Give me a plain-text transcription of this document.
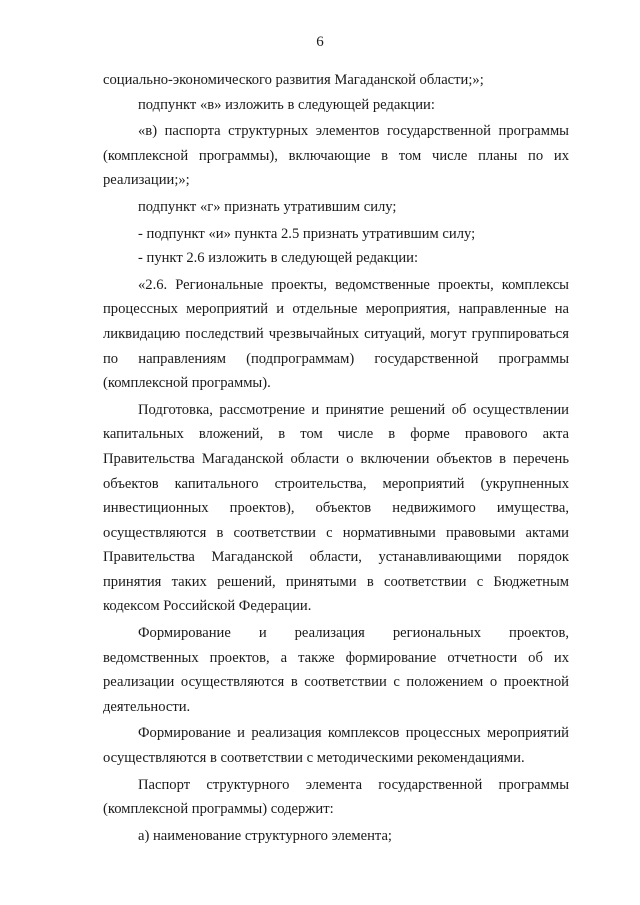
6

социально-экономического развития Магаданской области;»;

подпункт «в» изложить в следующей редакции:

«в) паспорта структурных элементов государственной программы (комплексной программы), включающие в том числе планы по их реализации;»;

подпункт «г» признать утратившим силу;

- подпункт «и» пункта 2.5 признать утратившим силу;

- пункт 2.6 изложить в следующей редакции:

«2.6. Региональные проекты, ведомственные проекты, комплексы процессных мероприятий и отдельные мероприятия, направленные на ликвидацию последствий чрезвычайных ситуаций, могут группироваться по направлениям (подпрограммам) государственной программы (комплексной программы).

Подготовка, рассмотрение и принятие решений об осуществлении капитальных вложений, в том числе в форме правового акта Правительства Магаданской области о включении объектов в перечень объектов капитального строительства, мероприятий (укрупненных инвестиционных проектов), объектов недвижимого имущества, осуществляются в соответствии с нормативными правовыми актами Правительства Магаданской области, устанавливающими порядок принятия таких решений, принятыми в соответствии с Бюджетным кодексом Российской Федерации.

Формирование и реализация региональных проектов, ведомственных проектов, а также формирование отчетности об их реализации осуществляются в соответствии с положением о проектной деятельности.

Формирование и реализация комплексов процессных мероприятий осуществляются в соответствии с методическими рекомендациями.

Паспорт структурного элемента государственной программы (комплексной программы) содержит:

а) наименование структурного элемента;
